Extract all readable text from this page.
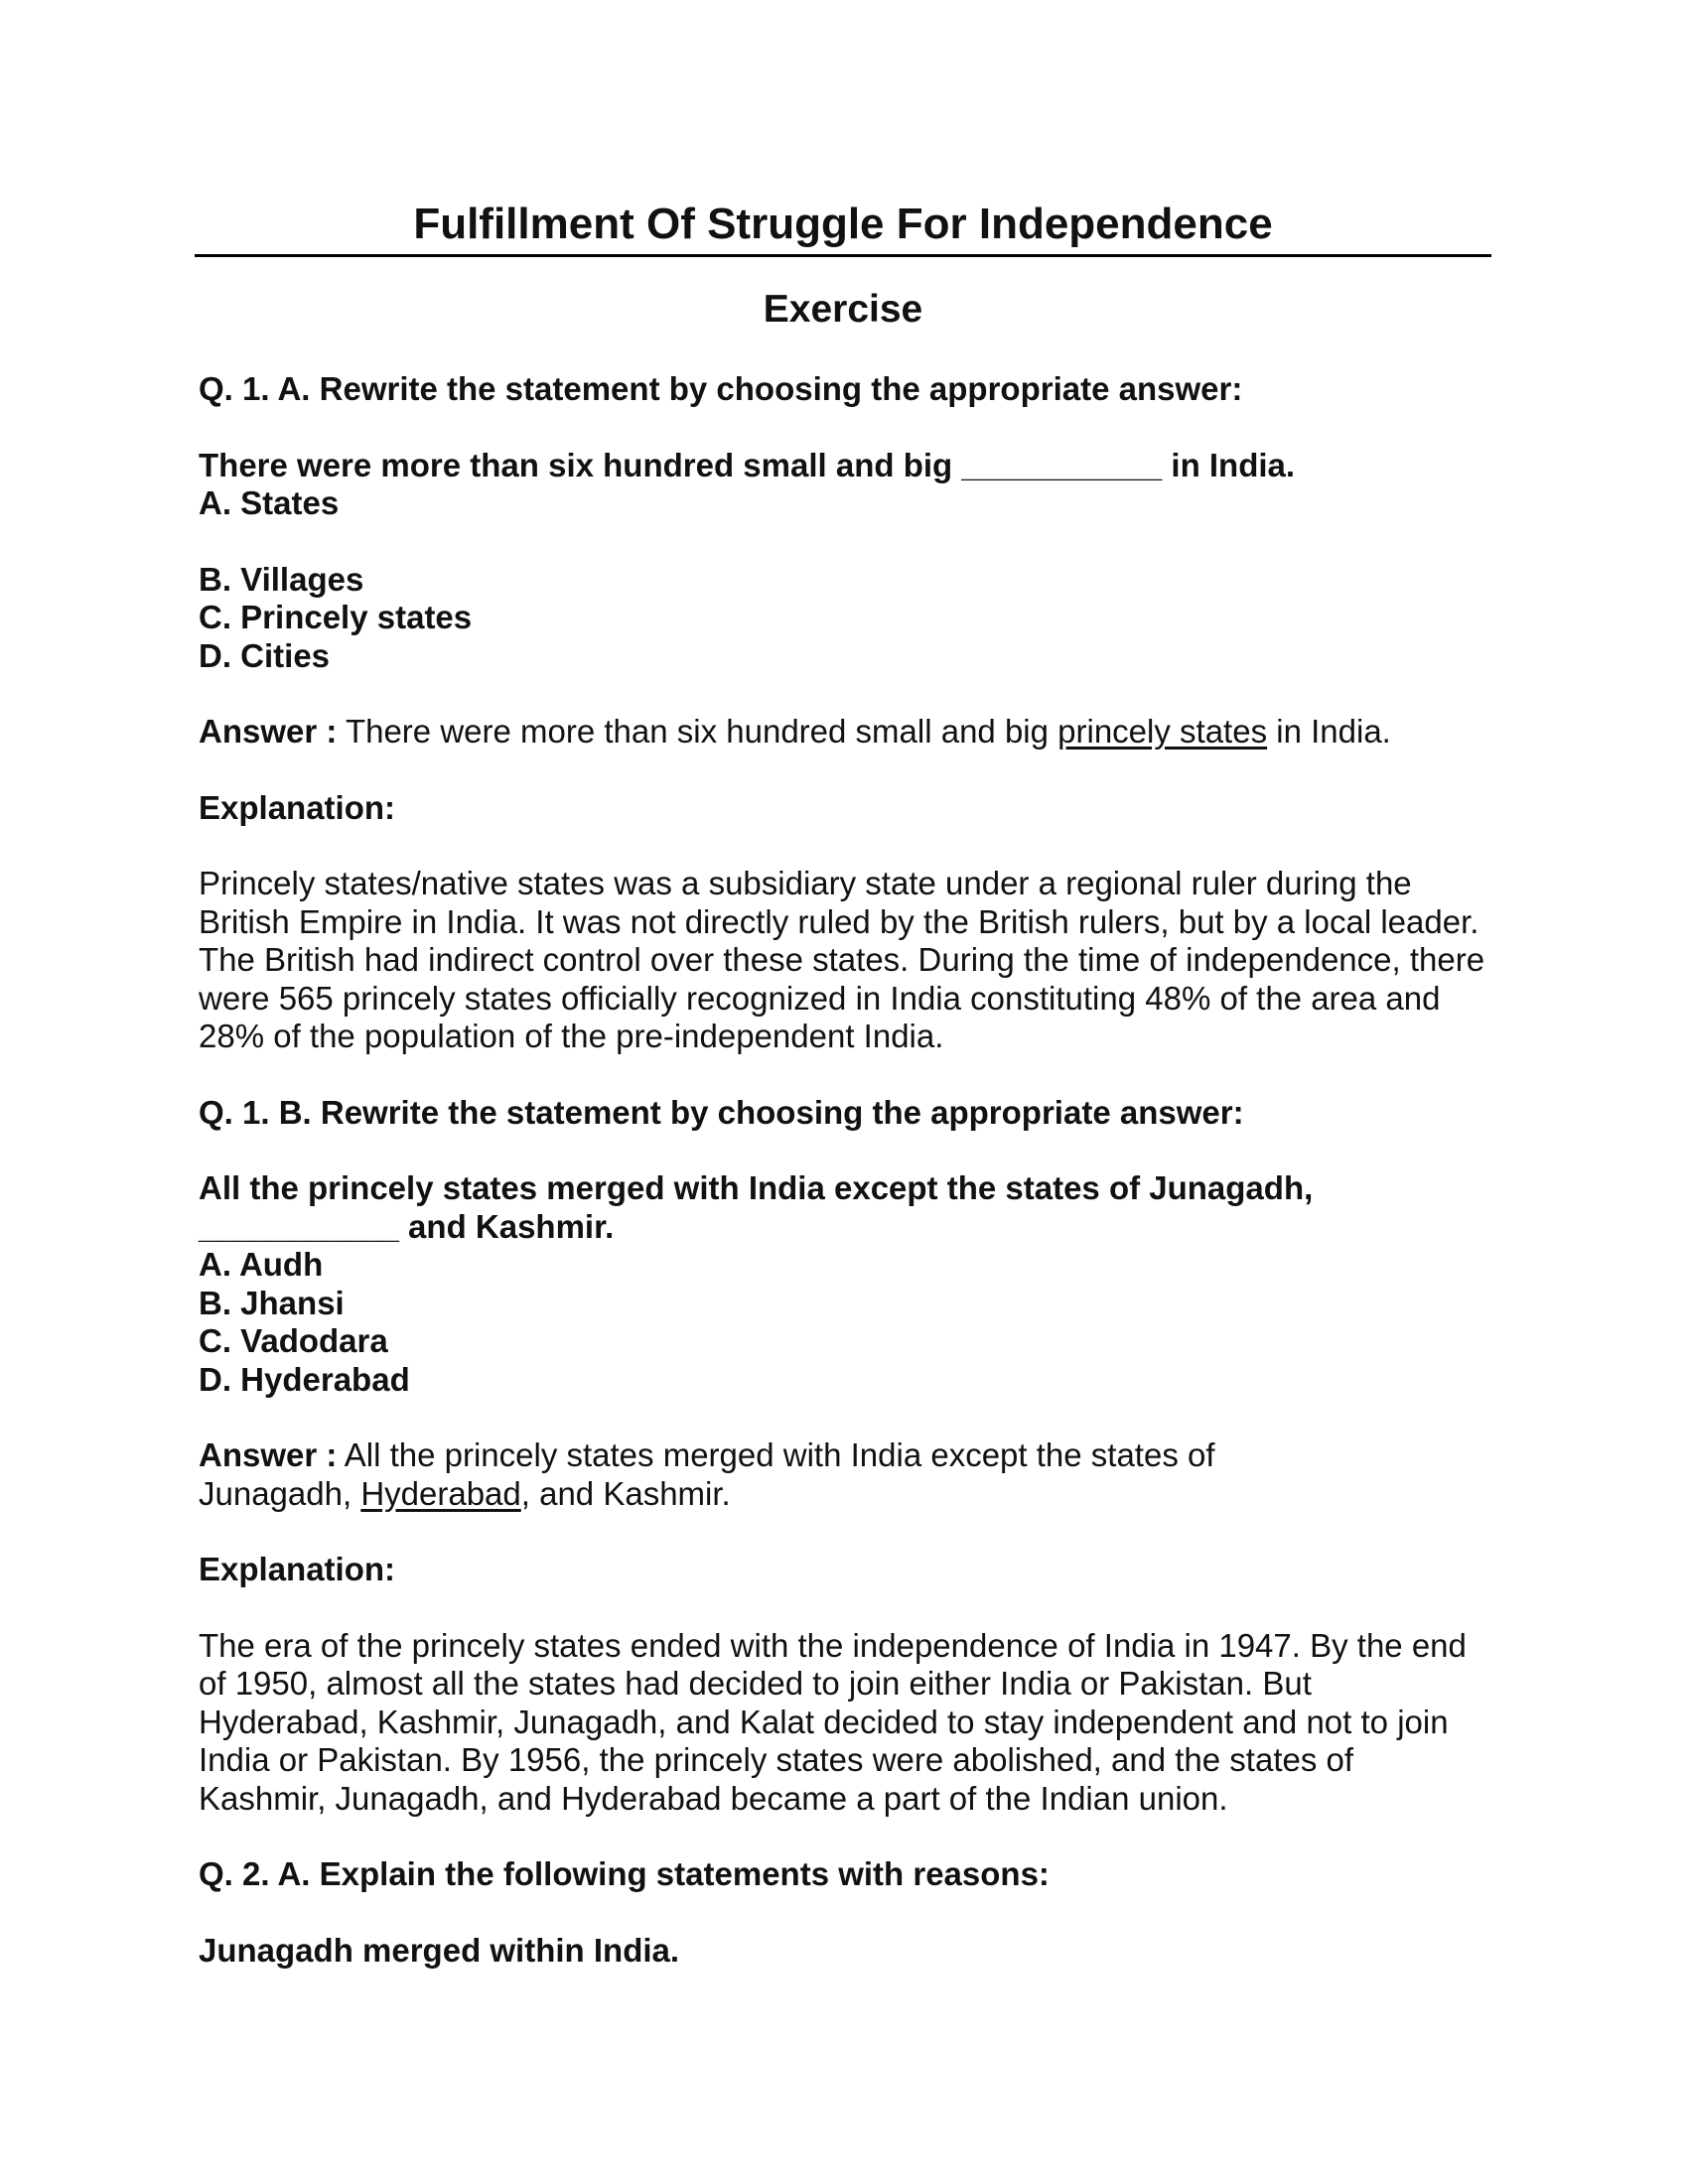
Fulfillment Of Struggle For Independence
Exercise

Q. 1. A. Rewrite the statement by choosing the appropriate answer:

There were more than six hundred small and big ___________ in India.

A. States
B. Villages
C. Princely states
D. Cities

Answer : There were more than six hundred small and big princely states in India.

Explanation:

Princely states/native states was a subsidiary state under a regional ruler during the British Empire in India. It was not directly ruled by the British rulers, but by a local leader. The British had indirect control over these states. During the time of independence, there were 565 princely states officially recognized in India constituting 48% of the area and 28% of the population of the pre-independent India.

Q. 1. B. Rewrite the statement by choosing the appropriate answer:

All the princely states merged with India except the states of Junagadh,

___________ and Kashmir.

A. Audh
B. Jhansi
C. Vadodara
D. Hyderabad

Answer : All the princely states merged with India except the states of
Junagadh, Hyderabad, and Kashmir.

Explanation:

The era of the princely states ended with the independence of India in 1947. By the end of 1950, almost all the states had decided to join either India or Pakistan. But Hyderabad, Kashmir, Junagadh, and Kalat decided to stay independent and not to join India or Pakistan. By 1956, the princely states were abolished, and the states of Kashmir, Junagadh, and Hyderabad became a part of the Indian union.

Q. 2. A. Explain the following statements with reasons:

Junagadh merged within India.
